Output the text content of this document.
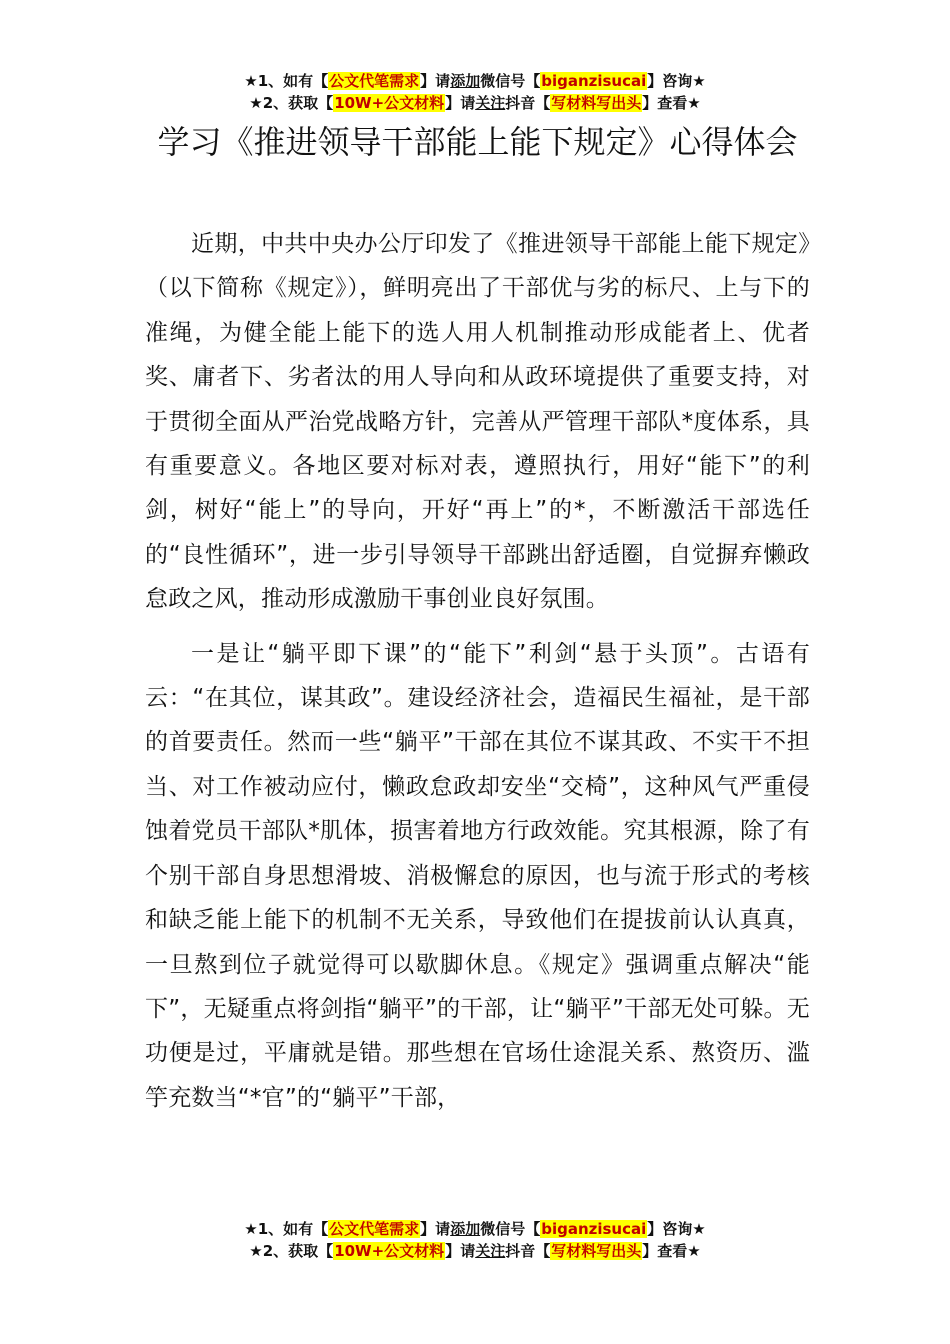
★1、如有【公文代笔需求】请添加微信号【biganzisucai】咨询★
★2、获取【10W+公文材料】请关注抖音【写材料写出头】查看★
学习《推进领导干部能上能下规定》心得体会

近期，中共中央办公厅印发了《推进领导干部能上能下规定》（以下简称《规定》），鲜明亮出了干部优与劣的标尺、上与下的准绳，为健全能上能下的选人用人机制推动形成能者上、优者奖、庸者下、劣者汰的用人导向和从政环境提供了重要支持，对于贯彻全面从严治党战略方针，完善从严管理干部队*度体系，具有重要意义。各地区要对标对表，遵照执行，用好“能下”的利剑，树好“能上”的导向，开好“再上”的*，不断激活干部选任的“良性循环”，进一步引导领导干部跳出舒适圈，自觉摒弃懒政怠政之风，推动形成激励干事创业良好氛围。

一是让“躺平即下课”的“能下”利剑“悬于头顶”。古语有云：“在其位，谋其政”。建设经济社会，造福民生福祉，是干部的首要责任。然而一些“躺平”干部在其位不谋其政、不实干不担当、对工作被动应付，懒政怠政却安坐“交椅”，这种风气严重侵蚀着党员干部队*肌体，损害着地方行政效能。究其根源，除了有个别干部自身思想滑坡、消极懈怠的原因，也与流于形式的考核和缺乏能上能下的机制不无关系，导致他们在提拔前认认真真，一旦熬到位子就觉得可以歇脚休息。《规定》强调重点解决“能下”，无疑重点将剑指“躺平”的干部，让“躺平”干部无处可躲。无功便是过，平庸就是错。那些想在官场仕途混关系、熬资历、滥竽充数当“*官”的“躺平”干部，

★1、如有【公文代笔需求】请添加微信号【biganzisucai】咨询★
★2、获取【10W+公文材料】请关注抖音【写材料写出头】查看★
